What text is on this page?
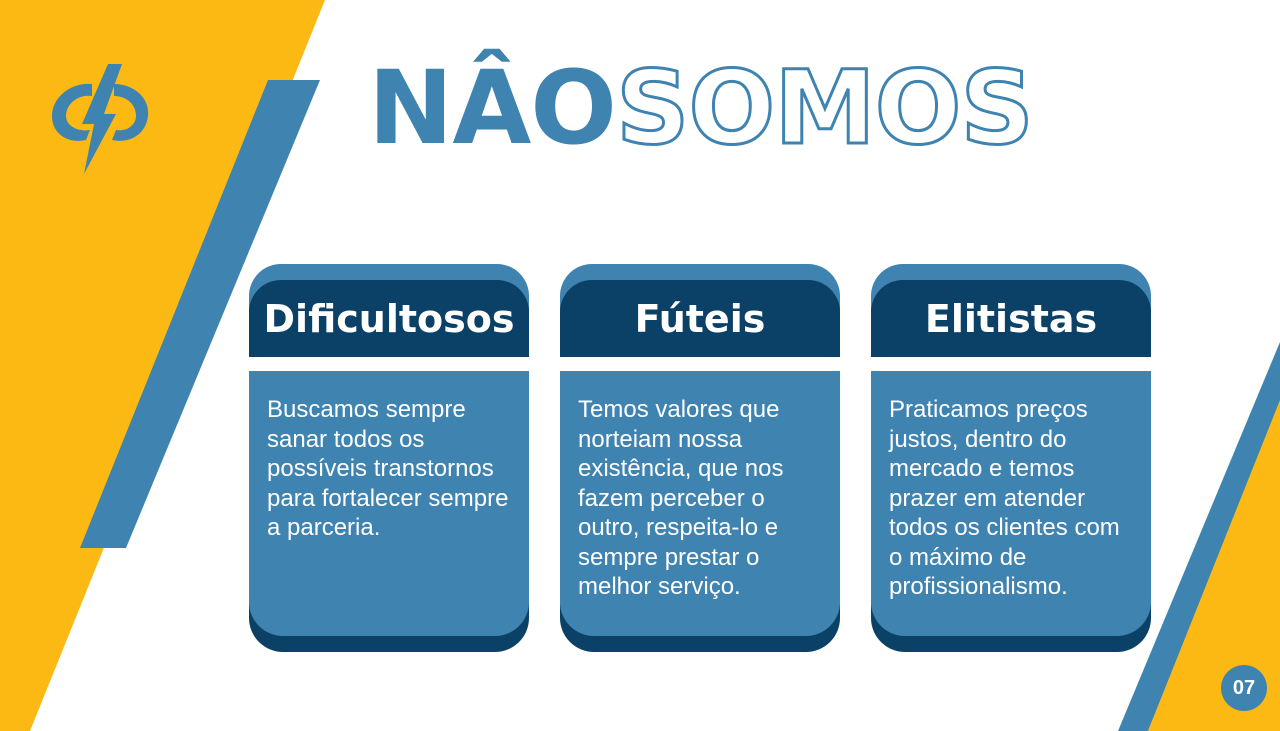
NÂOSOMOS
Dificultosos
Buscamos sempre sanar todos os possíveis transtornos para fortalecer sempre a parceria.
Fúteis
Temos valores que norteiam nossa existência, que nos fazem perceber o outro, respeita-lo e sempre prestar o melhor serviço.
Elitistas
Praticamos preços justos, dentro do mercado e temos prazer em atender todos os clientes com o máximo de profissionalismo.
07
